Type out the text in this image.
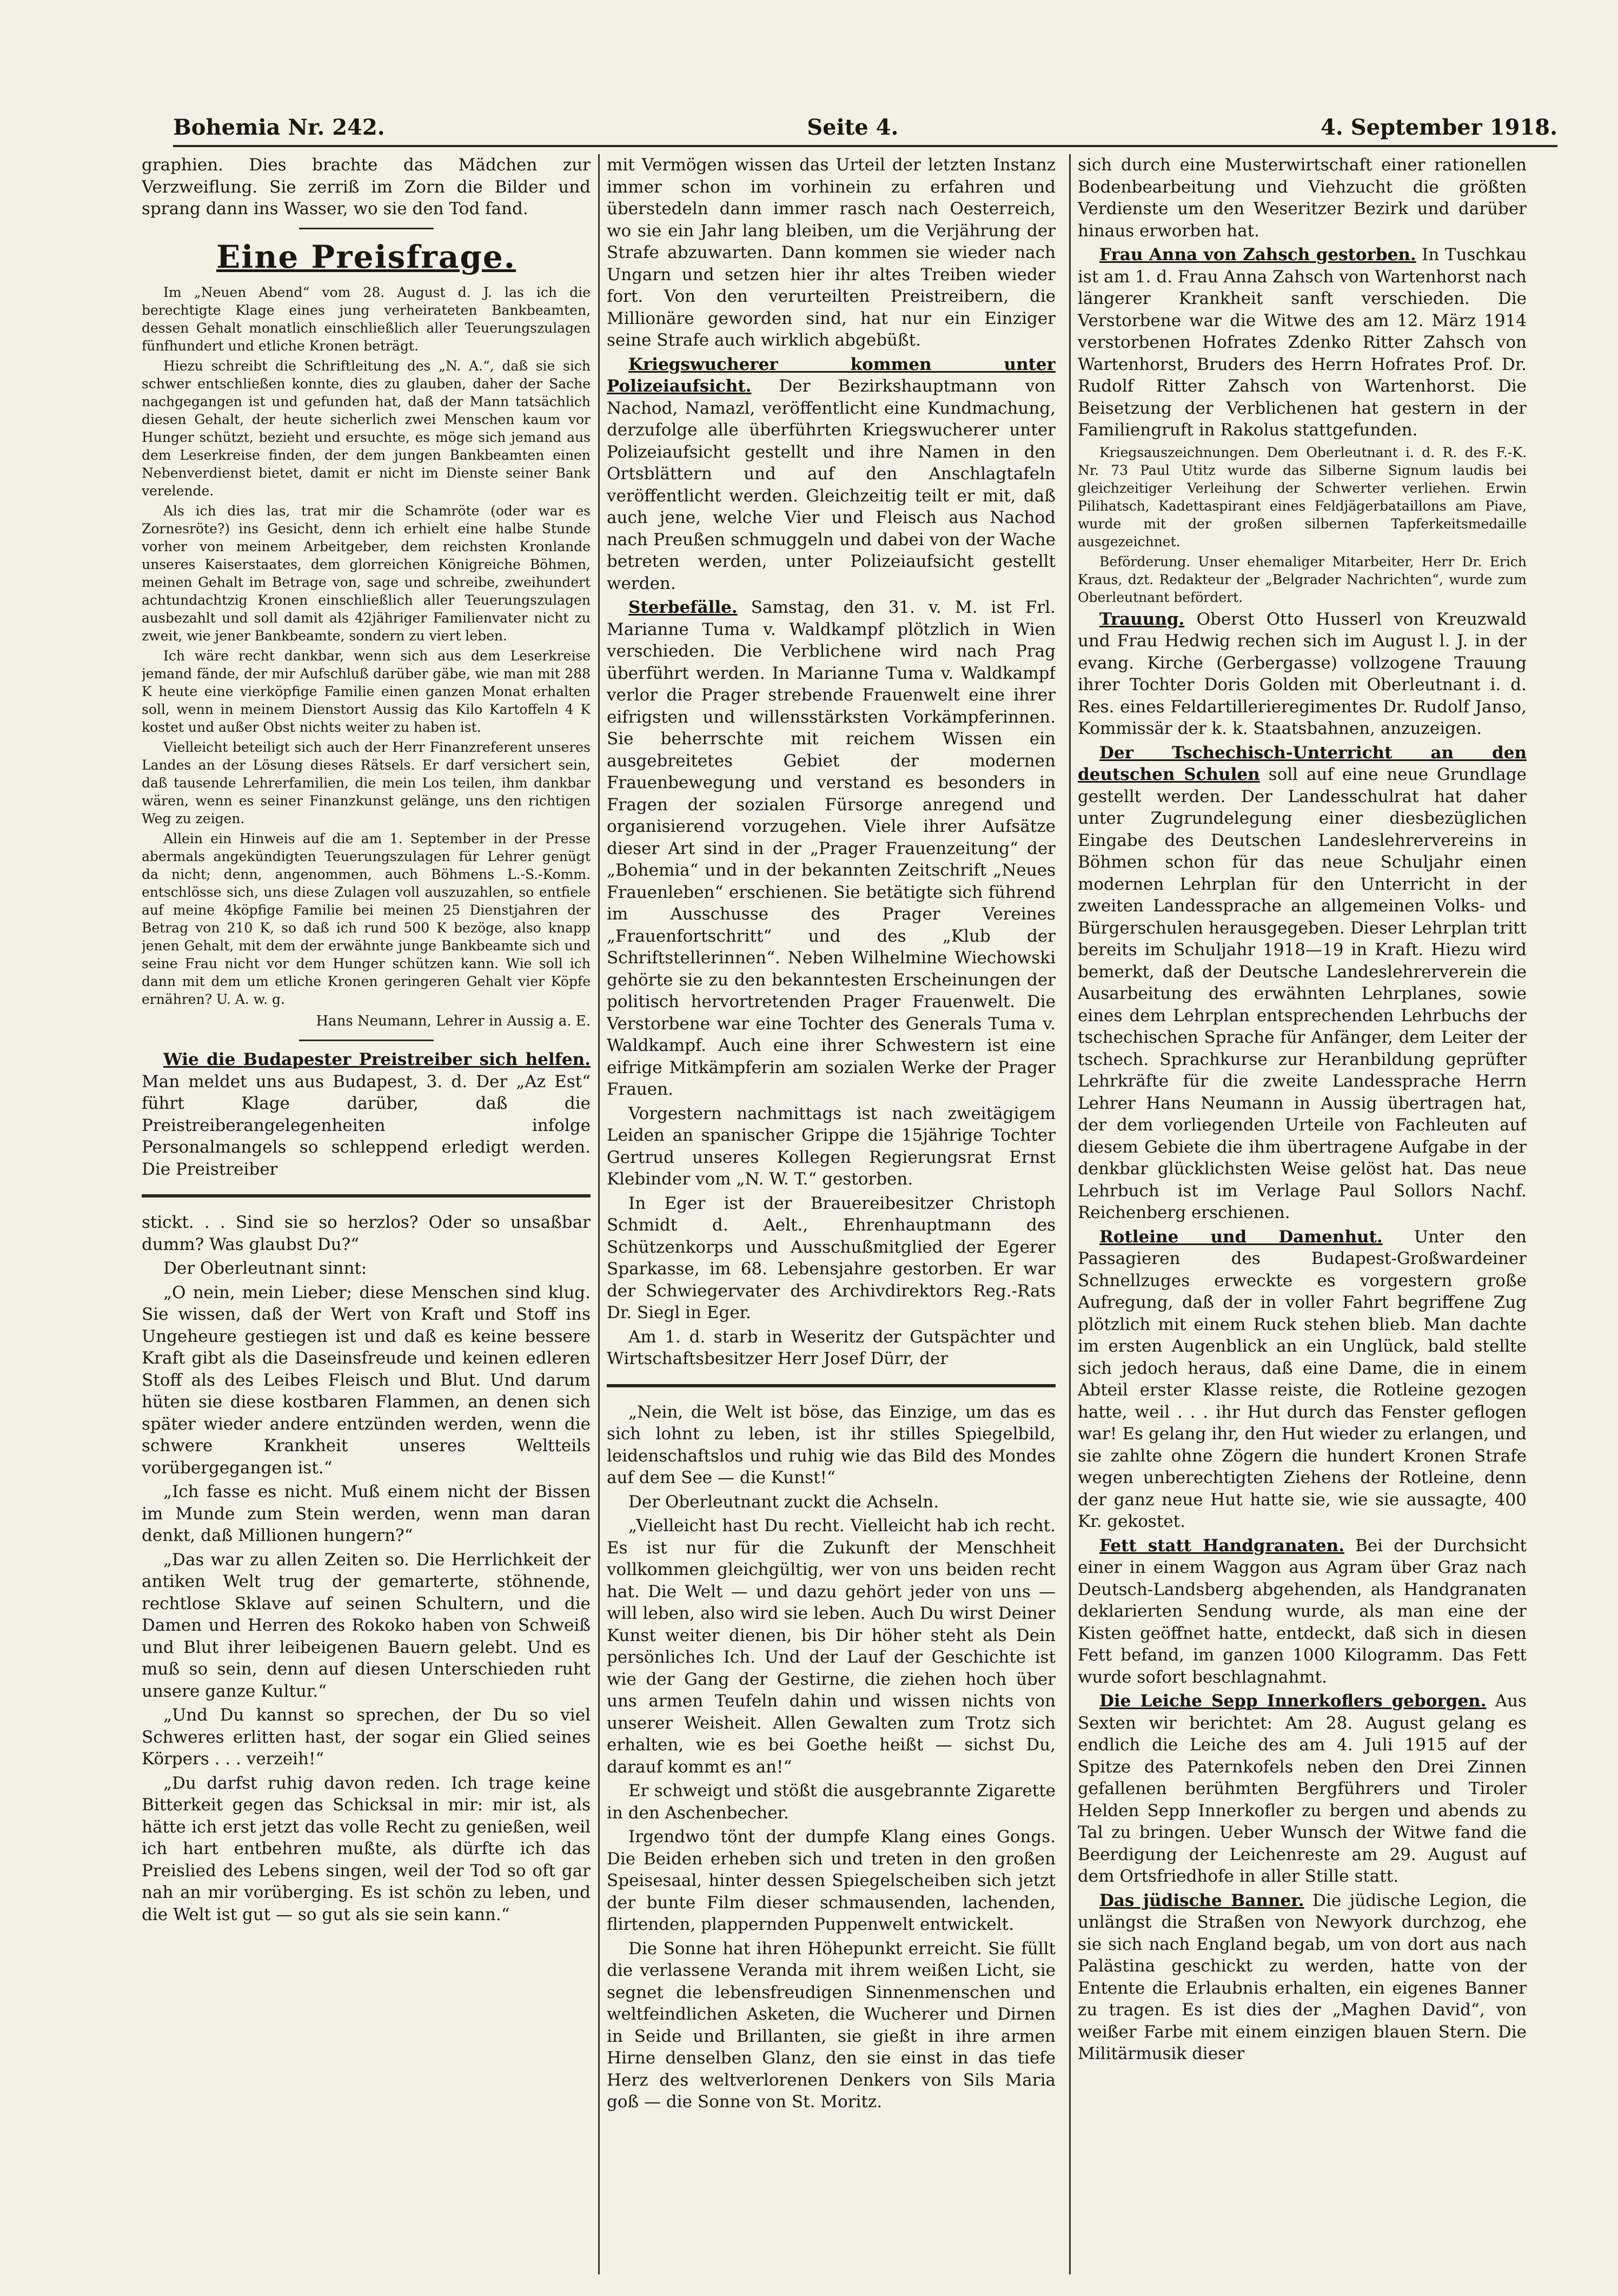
Bohemia Nr. 242.	Seite 4.	4. September 1918.

graphien. Dies brachte das Mädchen zur Verzweiflung. Sie zerriß im Zorn die Bilder und sprang dann ins Wasser, wo sie den Tod fand.

Eine Preisfrage.

Im „Neuen Abend“ vom 28. August d. J. las ich die berechtigte Klage eines jung verheirateten Bankbeamten, dessen Gehalt monatlich einschließlich aller Teuerungszulagen fünfhundert und etliche Kronen beträgt.

Hiezu schreibt die Schriftleitung des „N. A.“, daß sie sich schwer entschließen konnte, dies zu glauben, daher der Sache nachgegangen ist und gefunden hat, daß der Mann tatsächlich diesen Gehalt, der heute sicherlich zwei Menschen kaum vor Hunger schützt, bezieht und ersuchte, es möge sich jemand aus dem Leserkreise finden, der dem jungen Bankbeamten einen Nebenverdienst bietet, damit er nicht im Dienste seiner Bank verelende.

Als ich dies las, trat mir die Schamröte (oder war es Zornesröte?) ins Gesicht, denn ich erhielt eine halbe Stunde vorher von meinem Arbeitgeber, dem reichsten Kronlande unseres Kaiserstaates, dem glorreichen Königreiche Böhmen, meinen Gehalt im Betrage von, sage und schreibe, zweihundert achtundachtzig Kronen einschließlich aller Teuerungszulagen ausbezahlt und soll damit als 42jähriger Familienvater nicht zu zweit, wie jener Bankbeamte, sondern zu viert leben.

Ich wäre recht dankbar, wenn sich aus dem Leserkreise jemand fände, der mir Aufschluß darüber gäbe, wie man mit 288 K heute eine vierköpfige Familie einen ganzen Monat erhalten soll, wenn in meinem Dienstort Aussig das Kilo Kartoffeln 4 K kostet und außer Obst nichts weiter zu haben ist.

Vielleicht beteiligt sich auch der Herr Finanzreferent unseres Landes an der Lösung dieses Rätsels. Er darf versichert sein, daß tausende Lehrerfamilien, die mein Los teilen, ihm dankbar wären, wenn es seiner Finanzkunst gelänge, uns den richtigen Weg zu zeigen.

Allein ein Hinweis auf die am 1. September in der Presse abermals angekündigten Teuerungszulagen für Lehrer genügt da nicht; denn, angenommen, auch Böhmens L.-S.-Komm. entschlösse sich, uns diese Zulagen voll auszuzahlen, so entfiele auf meine 4köpfige Familie bei meinen 25 Dienstjahren der Betrag von 210 K, so daß ich rund 500 K bezöge, also knapp jenen Gehalt, mit dem der erwähnte junge Bankbeamte sich und seine Frau nicht vor dem Hunger schützen kann. Wie soll ich dann mit dem um etliche Kronen geringeren Gehalt vier Köpfe ernähren? U. A. w. g.

Hans Neumann, Lehrer in Aussig a. E.

Wie die Budapester Preistreiber sich helfen. Man meldet uns aus Budapest, 3. d. Der „Az Est“ führt Klage darüber, daß die Preistreiberangelegenheiten infolge Personalmangels so schleppend erledigt werden. Die Preistreiber

stickt. . . Sind sie so herzlos? Oder so unsaßbar dumm? Was glaubst Du?“

Der Oberleutnant sinnt:

„O nein, mein Lieber; diese Menschen sind klug. Sie wissen, daß der Wert von Kraft und Stoff ins Ungeheure gestiegen ist und daß es keine bessere Kraft gibt als die Daseinsfreude und keinen edleren Stoff als des Leibes Fleisch und Blut. Und darum hüten sie diese kostbaren Flammen, an denen sich später wieder andere entzünden werden, wenn die schwere Krankheit unseres Weltteils vorübergegangen ist.“

„Ich fasse es nicht. Muß einem nicht der Bissen im Munde zum Stein werden, wenn man daran denkt, daß Millionen hungern?“

„Das war zu allen Zeiten so. Die Herrlichkeit der antiken Welt trug der gemarterte, stöhnende, rechtlose Sklave auf seinen Schultern, und die Damen und Herren des Rokoko haben von Schweiß und Blut ihrer leibeigenen Bauern gelebt. Und es muß so sein, denn auf diesen Unterschieden ruht unsere ganze Kultur.“

„Und Du kannst so sprechen, der Du so viel Schweres erlitten hast, der sogar ein Glied seines Körpers . . . verzeih!“

„Du darfst ruhig davon reden. Ich trage keine Bitterkeit gegen das Schicksal in mir: mir ist, als hätte ich erst jetzt das volle Recht zu genießen, weil ich hart entbehren mußte, als dürfte ich das Preislied des Lebens singen, weil der Tod so oft gar nah an mir vorüberging. Es ist schön zu leben, und die Welt ist gut — so gut als sie sein kann.“

mit Vermögen wissen das Urteil der letzten Instanz immer schon im vorhinein zu erfahren und überstedeln dann immer rasch nach Oesterreich, wo sie ein Jahr lang bleiben, um die Verjährung der Strafe abzuwarten. Dann kommen sie wieder nach Ungarn und setzen hier ihr altes Treiben wieder fort. Von den verurteilten Preistreibern, die Millionäre geworden sind, hat nur ein Einziger seine Strafe auch wirklich abgebüßt.

Kriegswucherer kommen unter Polizeiaufsicht. Der Bezirkshauptmann von Nachod, Namazl, veröffentlicht eine Kundmachung, derzufolge alle überführten Kriegswucherer unter Polizeiaufsicht gestellt und ihre Namen in den Ortsblättern und auf den Anschlagtafeln veröffentlicht werden. Gleichzeitig teilt er mit, daß auch jene, welche Vier und Fleisch aus Nachod nach Preußen schmuggeln und dabei von der Wache betreten werden, unter Polizeiaufsicht gestellt werden.

Sterbefälle. Samstag, den 31. v. M. ist Frl. Marianne Tuma v. Waldkampf plötzlich in Wien verschieden. Die Verblichene wird nach Prag überführt werden. In Marianne Tuma v. Waldkampf verlor die Prager strebende Frauenwelt eine ihrer eifrigsten und willensstärksten Vorkämpferinnen. Sie beherrschte mit reichem Wissen ein ausgebreitetes Gebiet der modernen Frauenbewegung und verstand es besonders in Fragen der sozialen Fürsorge anregend und organisierend vorzugehen. Viele ihrer Aufsätze dieser Art sind in der „Prager Frauenzeitung“ der „Bohemia“ und in der bekannten Zeitschrift „Neues Frauenleben“ erschienen. Sie betätigte sich führend im Ausschusse des Prager Vereines „Frauenfortschritt“ und des „Klub der Schriftstellerinnen“. Neben Wilhelmine Wiechowski gehörte sie zu den bekanntesten Erscheinungen der politisch hervortretenden Prager Frauenwelt. Die Verstorbene war eine Tochter des Generals Tuma v. Waldkampf. Auch eine ihrer Schwestern ist eine eifrige Mitkämpferin am sozialen Werke der Prager Frauen.

Vorgestern nachmittags ist nach zweitägigem Leiden an spanischer Grippe die 15jährige Tochter Gertrud unseres Kollegen Regierungsrat Ernst Klebinder vom „N. W. T.“ gestorben.

In Eger ist der Brauereibesitzer Christoph Schmidt d. Aelt., Ehrenhauptmann des Schützenkorps und Ausschußmitglied der Egerer Sparkasse, im 68. Lebensjahre gestorben. Er war der Schwiegervater des Archivdirektors Reg.-Rats Dr. Siegl in Eger.

Am 1. d. starb in Weseritz der Gutspächter und Wirtschaftsbesitzer Herr Josef Dürr, der

„Nein, die Welt ist böse, das Einzige, um das es sich lohnt zu leben, ist ihr stilles Spiegelbild, leidenschaftslos und ruhig wie das Bild des Mondes auf dem See — die Kunst!“

Der Oberleutnant zuckt die Achseln.

„Vielleicht hast Du recht. Vielleicht hab ich recht. Es ist nur für die Zukunft der Menschheit vollkommen gleichgültig, wer von uns beiden recht hat. Die Welt — und dazu gehört jeder von uns — will leben, also wird sie leben. Auch Du wirst Deiner Kunst weiter dienen, bis Dir höher steht als Dein persönliches Ich. Und der Lauf der Geschichte ist wie der Gang der Gestirne, die ziehen hoch über uns armen Teufeln dahin und wissen nichts von unserer Weisheit. Allen Gewalten zum Trotz sich erhalten, wie es bei Goethe heißt — sichst Du, darauf kommt es an!“

Er schweigt und stößt die ausgebrannte Zigarette in den Aschenbecher.

Irgendwo tönt der dumpfe Klang eines Gongs. Die Beiden erheben sich und treten in den großen Speisesaal, hinter dessen Spiegelscheiben sich jetzt der bunte Film dieser schmausenden, lachenden, flirtenden, plappernden Puppenwelt entwickelt.

Die Sonne hat ihren Höhepunkt erreicht. Sie füllt die verlassene Veranda mit ihrem weißen Licht, sie segnet die lebensfreudigen Sinnenmenschen und weltfeindlichen Asketen, die Wucherer und Dirnen in Seide und Brillanten, sie gießt in ihre armen Hirne denselben Glanz, den sie einst in das tiefe Herz des weltverlorenen Denkers von Sils Maria goß — die Sonne von St. Moritz.

sich durch eine Musterwirtschaft einer rationellen Bodenbearbeitung und Viehzucht die größten Verdienste um den Weseritzer Bezirk und darüber hinaus erworben hat.

Frau Anna von Zahsch gestorben. In Tuschkau ist am 1. d. Frau Anna Zahsch von Wartenhorst nach längerer Krankheit sanft verschieden. Die Verstorbene war die Witwe des am 12. März 1914 verstorbenen Hofrates Zdenko Ritter Zahsch von Wartenhorst, Bruders des Herrn Hofrates Prof. Dr. Rudolf Ritter Zahsch von Wartenhorst. Die Beisetzung der Verblichenen hat gestern in der Familiengruft in Rakolus stattgefunden.

Kriegsauszeichnungen. Dem Oberleutnant i. d. R. des F.-K. Nr. 73 Paul Utitz wurde das Silberne Signum laudis bei gleichzeitiger Verleihung der Schwerter verliehen. Erwin Pilihatsch, Kadettaspirant eines Feldjägerbataillons am Piave, wurde mit der großen silbernen Tapferkeitsmedaille ausgezeichnet.

Beförderung. Unser ehemaliger Mitarbeiter, Herr Dr. Erich Kraus, dzt. Redakteur der „Belgrader Nachrichten“, wurde zum Oberleutnant befördert.

Trauung. Oberst Otto Husserl von Kreuzwald und Frau Hedwig rechen sich im August l. J. in der evang. Kirche (Gerbergasse) vollzogene Trauung ihrer Tochter Doris Golden mit Oberleutnant i. d. Res. eines Feldartillerieregimentes Dr. Rudolf Janso, Kommissär der k. k. Staatsbahnen, anzuzeigen.

Der Tschechisch-Unterricht an den deutschen Schulen soll auf eine neue Grundlage gestellt werden. Der Landesschulrat hat daher unter Zugrundelegung einer diesbezüglichen Eingabe des Deutschen Landeslehrervereins in Böhmen schon für das neue Schuljahr einen modernen Lehrplan für den Unterricht in der zweiten Landessprache an allgemeinen Volks- und Bürgerschulen herausgegeben. Dieser Lehrplan tritt bereits im Schuljahr 1918—19 in Kraft. Hiezu wird bemerkt, daß der Deutsche Landeslehrerverein die Ausarbeitung des erwähnten Lehrplanes, sowie eines dem Lehrplan entsprechenden Lehrbuchs der tschechischen Sprache für Anfänger, dem Leiter der tschech. Sprachkurse zur Heranbildung geprüfter Lehrkräfte für die zweite Landessprache Herrn Lehrer Hans Neumann in Aussig übertragen hat, der dem vorliegenden Urteile von Fachleuten auf diesem Gebiete die ihm übertragene Aufgabe in der denkbar glücklichsten Weise gelöst hat. Das neue Lehrbuch ist im Verlage Paul Sollors Nachf. Reichenberg erschienen.

Rotleine und Damenhut. Unter den Passagieren des Budapest-Großwardeiner Schnellzuges erweckte es vorgestern große Aufregung, daß der in voller Fahrt begriffene Zug plötzlich mit einem Ruck stehen blieb. Man dachte im ersten Augenblick an ein Unglück, bald stellte sich jedoch heraus, daß eine Dame, die in einem Abteil erster Klasse reiste, die Rotleine gezogen hatte, weil . . . ihr Hut durch das Fenster geflogen war! Es gelang ihr, den Hut wieder zu erlangen, und sie zahlte ohne Zögern die hundert Kronen Strafe wegen unberechtigten Ziehens der Rotleine, denn der ganz neue Hut hatte sie, wie sie aussagte, 400 Kr. gekostet.

Fett statt Handgranaten. Bei der Durchsicht einer in einem Waggon aus Agram über Graz nach Deutsch-Landsberg abgehenden, als Handgranaten deklarierten Sendung wurde, als man eine der Kisten geöffnet hatte, entdeckt, daß sich in diesen Fett befand, im ganzen 1000 Kilogramm. Das Fett wurde sofort beschlagnahmt.

Die Leiche Sepp Innerkoflers geborgen. Aus Sexten wir berichtet: Am 28. August gelang es endlich die Leiche des am 4. Juli 1915 auf der Spitze des Paternkofels neben den Drei Zinnen gefallenen berühmten Bergführers und Tiroler Helden Sepp Innerkofler zu bergen und abends zu Tal zu bringen. Ueber Wunsch der Witwe fand die Beerdigung der Leichenreste am 29. August auf dem Ortsfriedhofe in aller Stille statt.

Das jüdische Banner. Die jüdische Legion, die unlängst die Straßen von Newyork durchzog, ehe sie sich nach England begab, um von dort aus nach Palästina geschickt zu werden, hatte von der Entente die Erlaubnis erhalten, ein eigenes Banner zu tragen. Es ist dies der „Maghen David“, von weißer Farbe mit einem einzigen blauen Stern. Die Militärmusik dieser
